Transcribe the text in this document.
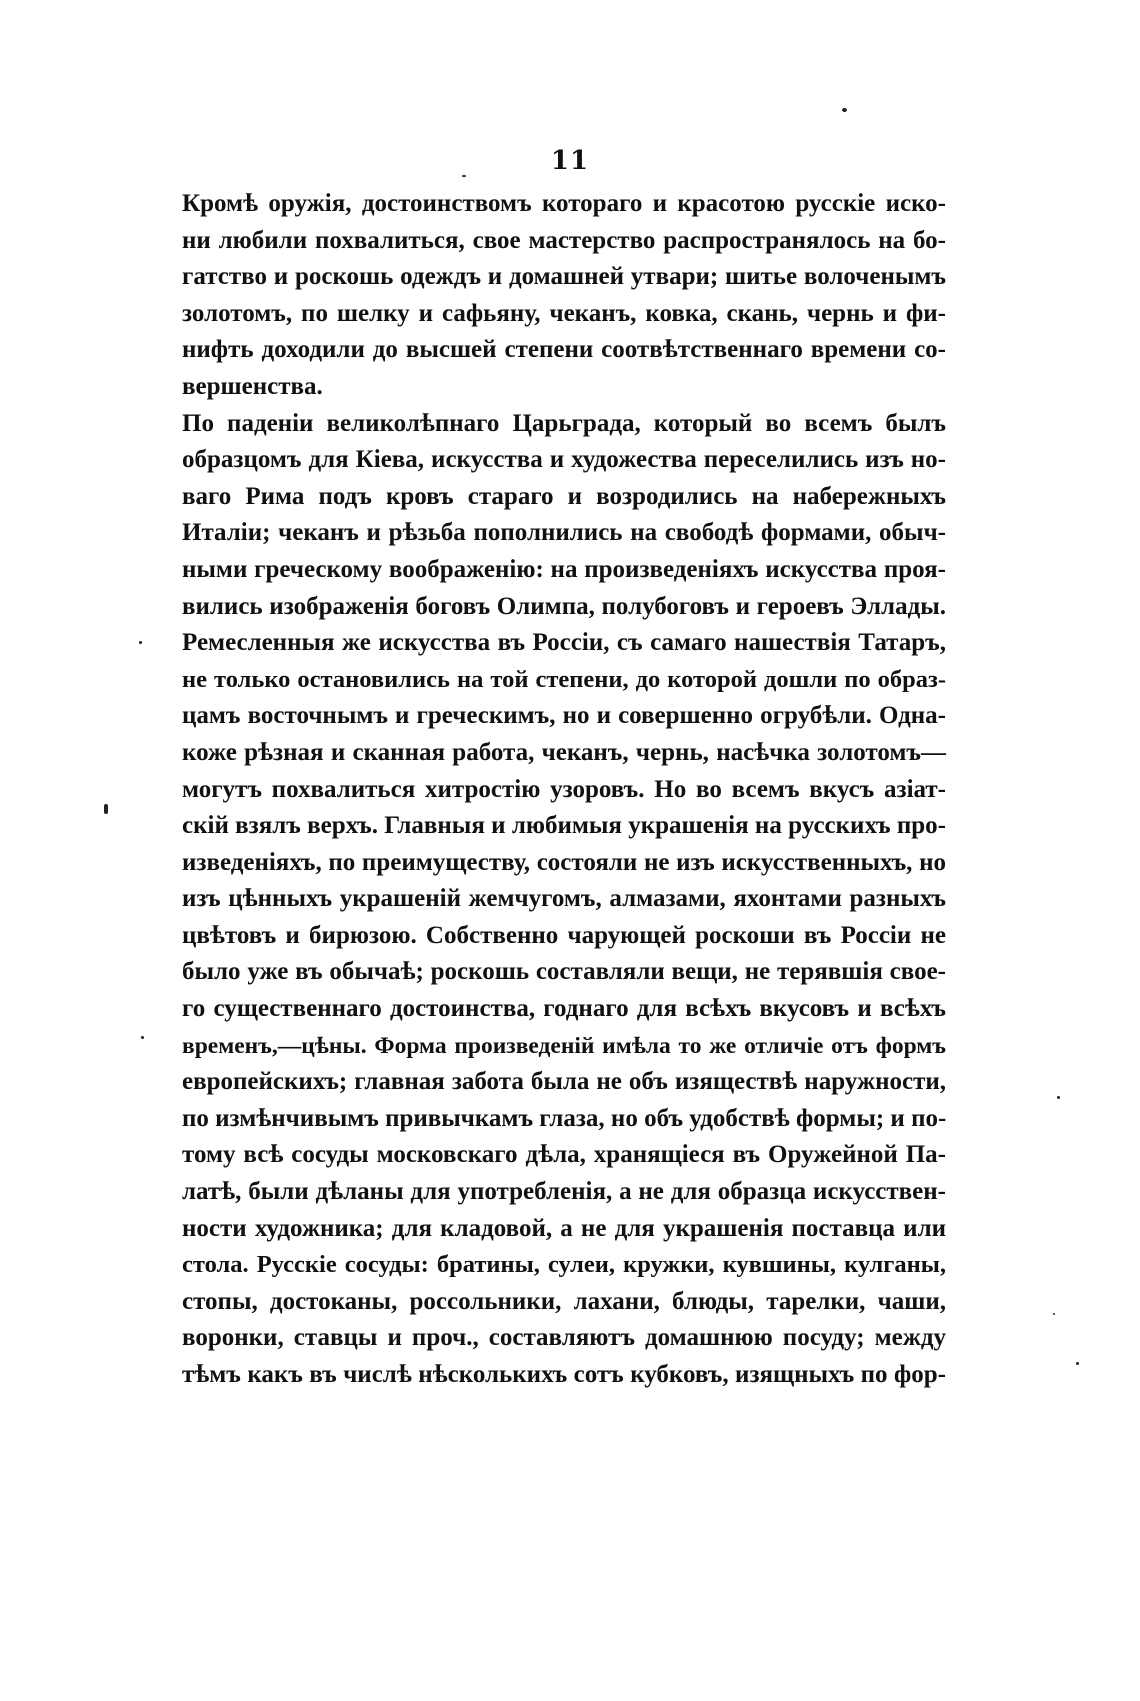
11
Кромѣ оружія, достоинствомъ котораго и красотою русскіе иско-
ни любили похвалиться, свое мастерство распространялось на бо-
гатство и роскошь одеждъ и домашней утвари; шитье волоченымъ
золотомъ, по шелку и сафьяну, чеканъ, ковка, скань, чернь и фи-
нифть доходили до высшей степени соотвѣтственнаго времени со-
вершенства.
По паденіи великолѣпнаго Царьграда, который во всемъ былъ
образцомъ для Кіева, искусства и художества переселились изъ но-
ваго Рима подъ кровъ стараго и возродились на набережныхъ
Италіи; чеканъ и рѣзьба пополнились на свободѣ формами, обыч-
ными греческому воображенію: на произведеніяхъ искусства проя-
вились изображенія боговъ Олимпа, полубоговъ и героевъ Эллады.
Ремесленныя же искусства въ Россіи, съ самаго нашествія Татаръ,
не только остановились на той степени, до которой дошли по образ-
цамъ восточнымъ и греческимъ, но и совершенно огрубѣли. Одна-
коже рѣзная и сканная работа, чеканъ, чернь, насѣчка золотомъ—
могутъ похвалиться хитростію узоровъ. Но во всемъ вкусъ азіат-
скій взялъ верхъ. Главныя и любимыя украшенія на русскихъ про-
изведеніяхъ, по преимуществу, состояли не изъ искусственныхъ, но
изъ цѣнныхъ украшеній жемчугомъ, алмазами, яхонтами разныхъ
цвѣтовъ и бирюзою. Собственно чарующей роскоши въ Россіи не
было уже въ обычаѣ; роскошь составляли вещи, не терявшія свое-
го существеннаго достоинства, годнаго для всѣхъ вкусовъ и всѣхъ
временъ,—цѣны. Форма произведеній имѣла то же отличіе отъ формъ
европейскихъ; главная забота была не объ изяществѣ наружности,
по измѣнчивымъ привычкамъ глаза, но объ удобствѣ формы; и по-
тому всѣ сосуды московскаго дѣла, хранящіеся въ Оружейной Па-
латѣ, были дѣланы для употребленія, а не для образца искусствен-
ности художника; для кладовой, а не для украшенія поставца или
стола. Русскіе сосуды: братины, сулеи, кружки, кувшины, кулганы,
стопы, достоканы, россольники, лахани, блюды, тарелки, чаши,
воронки, ставцы и проч., составляютъ домашнюю посуду; между
тѣмъ какъ въ числѣ нѣсколькихъ сотъ кубковъ, изящныхъ по фор-
